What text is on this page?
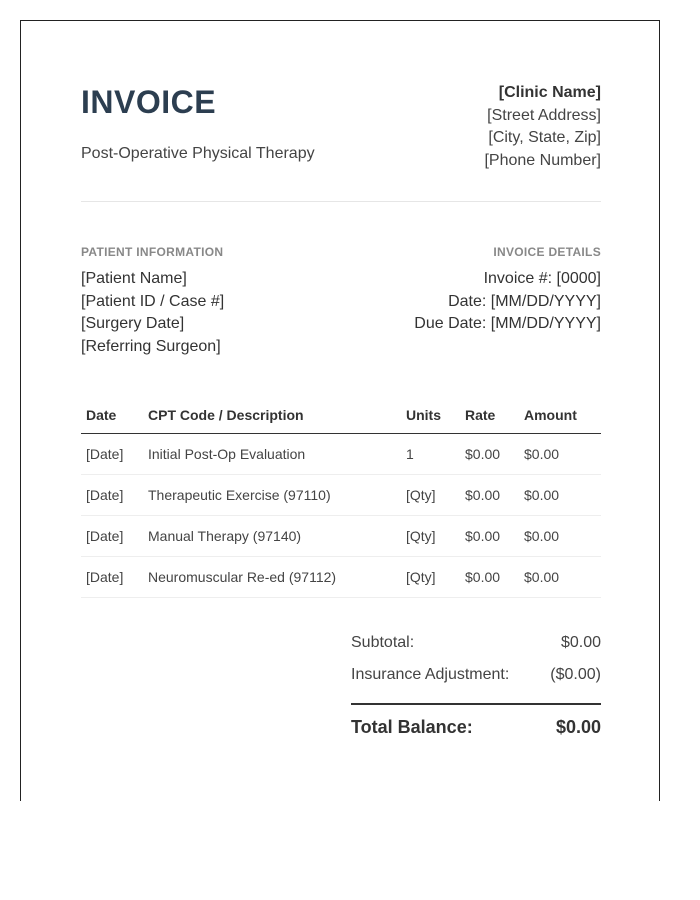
INVOICE
Post-Operative Physical Therapy
[Clinic Name]
[Street Address]
[City, State, Zip]
[Phone Number]
PATIENT INFORMATION
[Patient Name]
[Patient ID / Case #]
[Surgery Date]
[Referring Surgeon]
INVOICE DETAILS
Invoice #: [0000]
Date: [MM/DD/YYYY]
Due Date: [MM/DD/YYYY]
Date	CPT Code / Description	Units	Rate	Amount
[Date]	Initial Post-Op Evaluation	1	$0.00	$0.00
[Date]	Therapeutic Exercise (97110)	[Qty]	$0.00	$0.00
[Date]	Manual Therapy (97140)	[Qty]	$0.00	$0.00
[Date]	Neuromuscular Re-ed (97112)	[Qty]	$0.00	$0.00
Subtotal:	$0.00
Insurance Adjustment:	($0.00)
Total Balance:	$0.00
